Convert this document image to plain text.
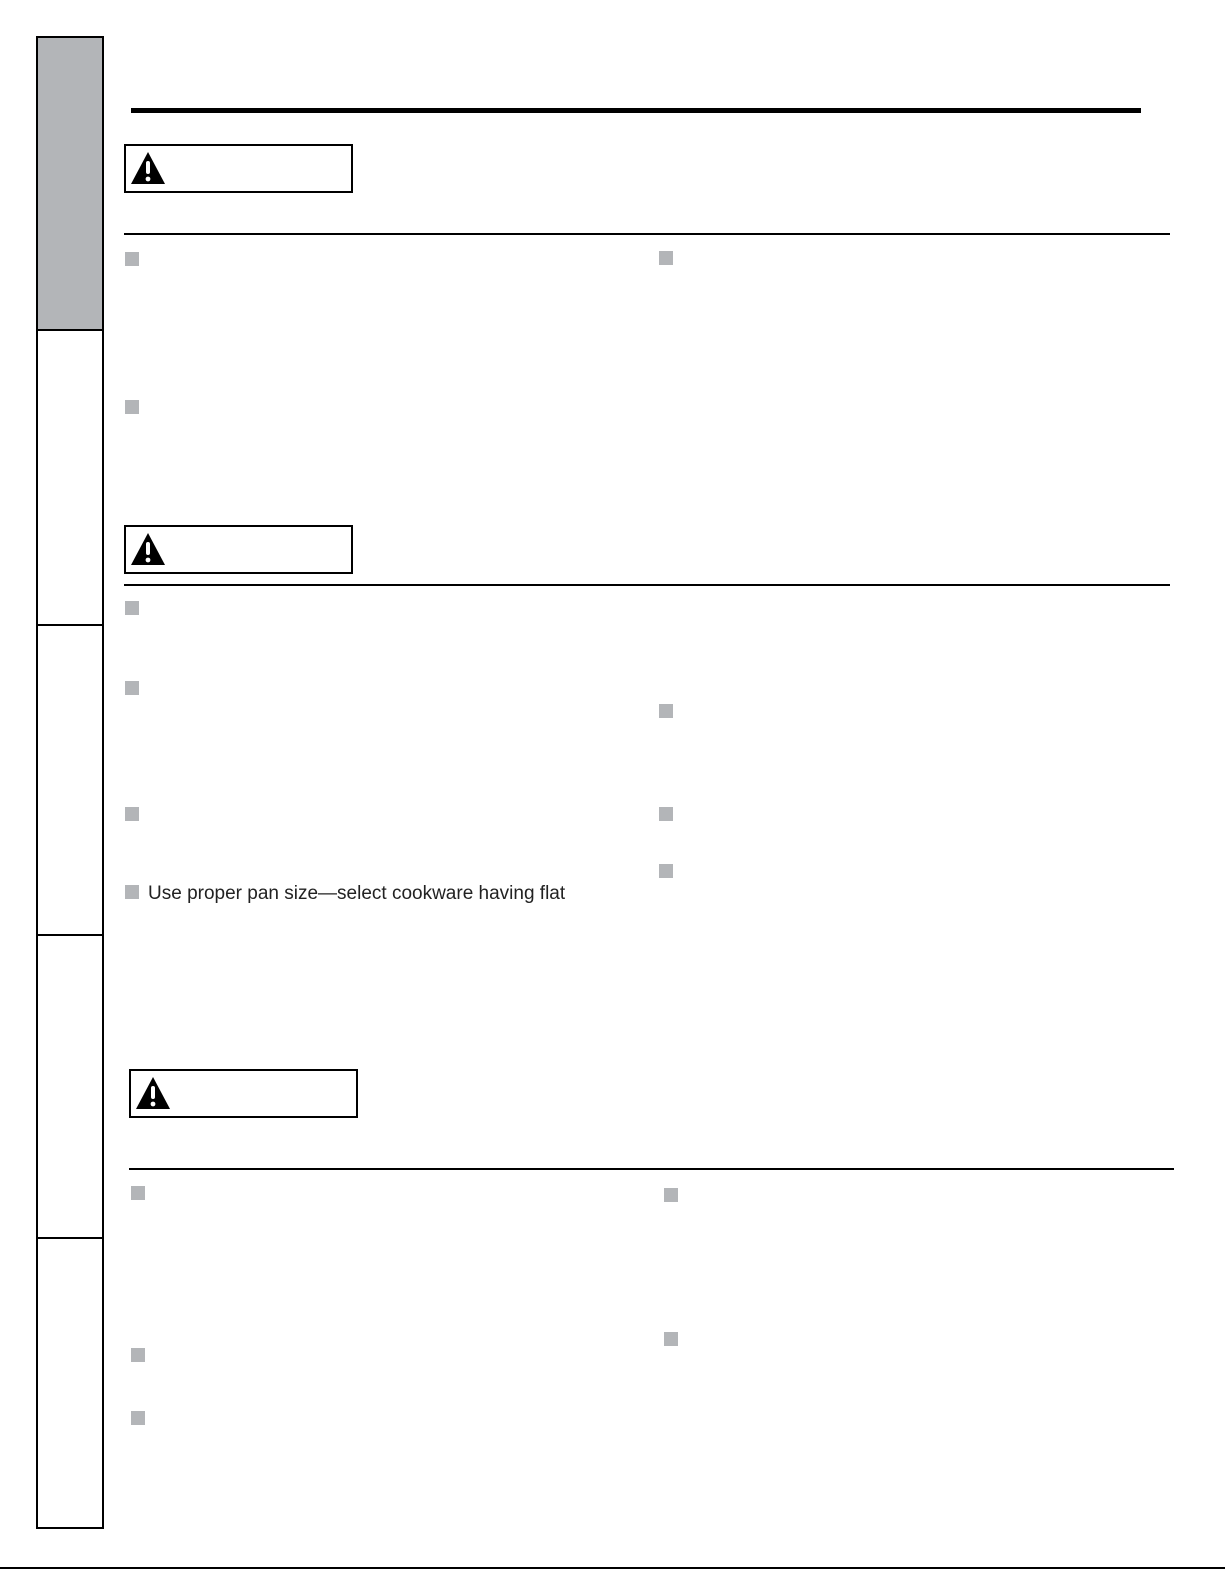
Use proper pan size—select cookware having flat
